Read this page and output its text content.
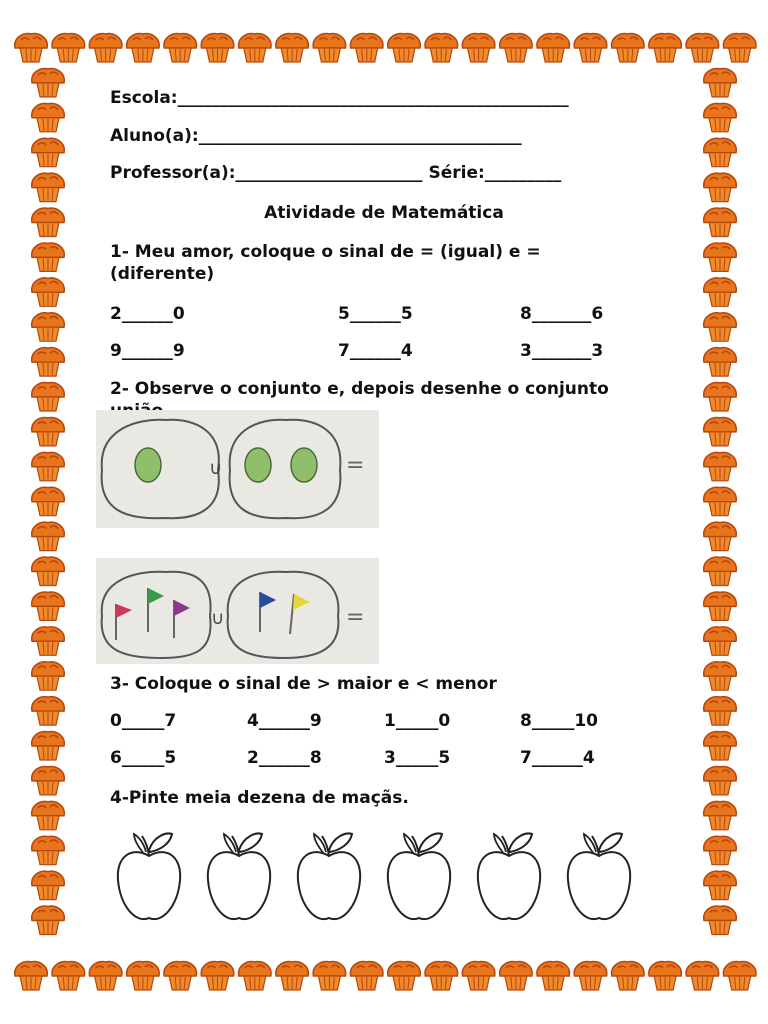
Escola:______________________________________________
Aluno(a):______________________________________
Professor(a):______________________ Série:_________
Atividade de Matemática
1- Meu amor, coloque o sinal de = (igual) e = (diferente)
2______0	5______5	8_______6
9______9	7______4	3_______3
2- Observe o conjunto e, depois desenhe o conjunto
∪	=
∪	=
3- Coloque o sinal de > maior e < menor
0_____7	4______9	1_____0	8_____10
6_____5	2______8	3_____5	7______4
4-Pinte meia dezena de maçãs.
